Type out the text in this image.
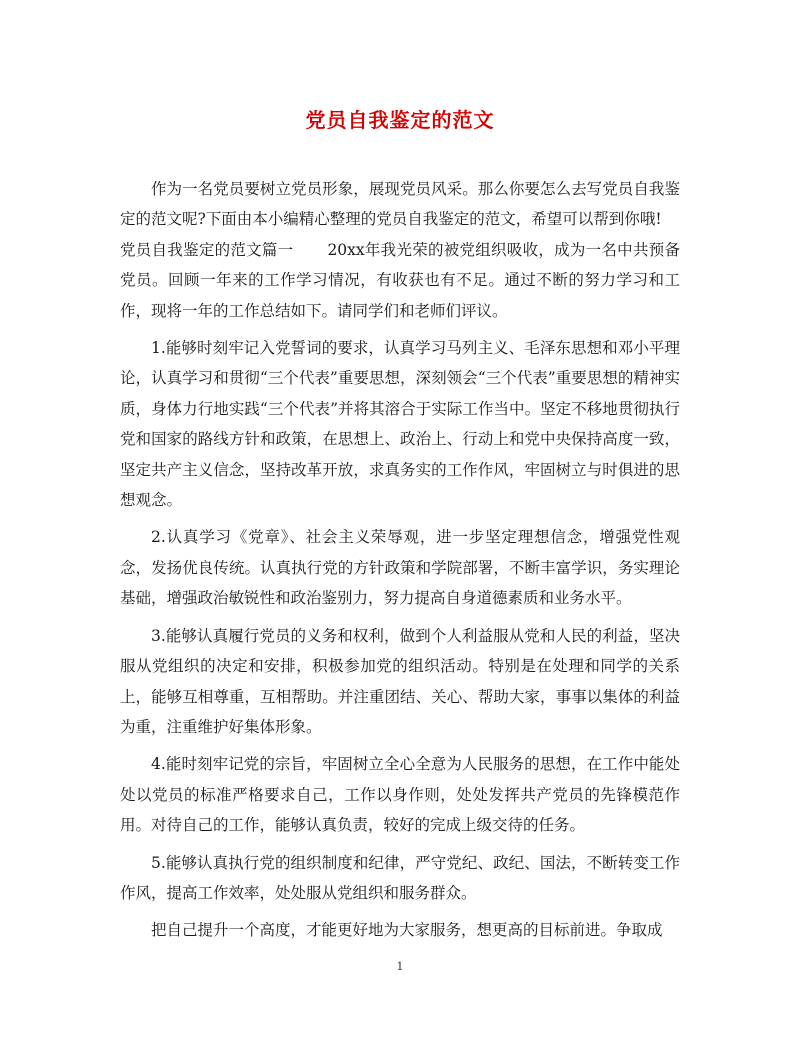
党员自我鉴定的范文

作为一名党员要树立党员形象，展现党员风采。那么你要怎么去写党员自我鉴定的范文呢?下面由本小编精心整理的党员自我鉴定的范文，希望可以帮到你哦!

党员自我鉴定的范文篇一 20xx年我光荣的被党组织吸收，成为一名中共预备党员。回顾一年来的工作学习情况，有收获也有不足。通过不断的努力学习和工作，现将一年的工作总结如下。请同学们和老师们评议。

1.能够时刻牢记入党誓词的要求，认真学习马列主义、毛泽东思想和邓小平理论，认真学习和贯彻“三个代表”重要思想，深刻领会“三个代表”重要思想的精神实质，身体力行地实践“三个代表”并将其溶合于实际工作当中。坚定不移地贯彻执行党和国家的路线方针和政策，在思想上、政治上、行动上和党中央保持高度一致，坚定共产主义信念，坚持改革开放，求真务实的工作作风，牢固树立与时俱进的思想观念。

2.认真学习《党章》、社会主义荣辱观，进一步坚定理想信念，增强党性观念，发扬优良传统。认真执行党的方针政策和学院部署，不断丰富学识，务实理论基础，增强政治敏锐性和政治鉴别力，努力提高自身道德素质和业务水平。

3.能够认真履行党员的义务和权利，做到个人利益服从党和人民的利益，坚决服从党组织的决定和安排，积极参加党的组织活动。特别是在处理和同学的关系上，能够互相尊重，互相帮助。并注重团结、关心、帮助大家，事事以集体的利益为重，注重维护好集体形象。

4.能时刻牢记党的宗旨，牢固树立全心全意为人民服务的思想，在工作中能处处以党员的标准严格要求自己，工作以身作则，处处发挥共产党员的先锋模范作用。对待自己的工作，能够认真负责，较好的完成上级交待的任务。

5.能够认真执行党的组织制度和纪律，严守党纪、政纪、国法，不断转变工作作风，提高工作效率，处处服从党组织和服务群众。

把自己提升一个高度，才能更好地为大家服务，想更高的目标前进。争取成

1
